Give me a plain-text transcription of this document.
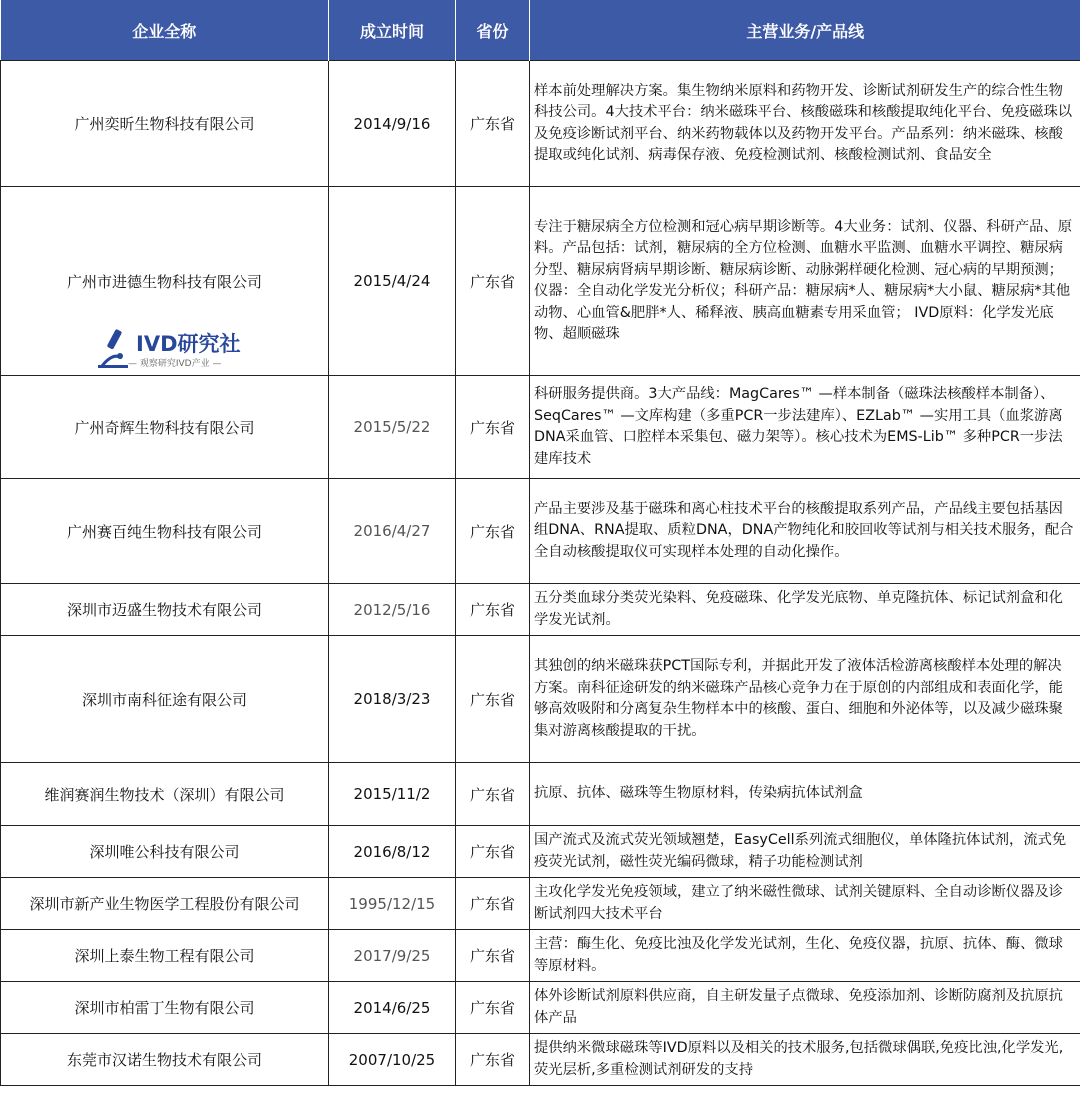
企业全称	成立时间	省份	主营业务/产品线
广州奕昕生物科技有限公司	2014/9/16	广东省	样本前处理解决方案。集生物纳米原料和药物开发、诊断试剂研发生产的综合性生物科技公司。4大技术平台：纳米磁珠平台、核酸磁珠和核酸提取纯化平台、免疫磁珠以及免疫诊断试剂平台、纳米药物载体以及药物开发平台。产品系列：纳米磁珠、核酸提取或纯化试剂、病毒保存液、免疫检测试剂、核酸检测试剂、食品安全
广州市进德生物科技有限公司	2015/4/24	广东省	专注于糖尿病全方位检测和冠心病早期诊断等。4大业务：试剂、仪器、科研产品、原料。产品包括：试剂，糖尿病的全方位检测、血糖水平监测、血糖水平调控、糖尿病分型、糖尿病肾病早期诊断、糖尿病诊断、动脉粥样硬化检测、冠心病的早期预测；仪器：全自动化学发光分析仪；科研产品：糖尿病*人、糖尿病*大小鼠、糖尿病*其他动物、心血管&肥胖*人、稀释液、胰高血糖素专用采血管； IVD原料：化学发光底物、超顺磁珠
广州奇辉生物科技有限公司	2015/5/22	广东省	科研服务提供商。3大产品线：MagCares™ —样本制备（磁珠法核酸样本制备）、SeqCares™ —文库构建（多重PCR一步法建库）、EZLab™ —实用工具（血浆游离DNA采血管、口腔样本采集包、磁力架等）。核心技术为EMS-Lib™ 多种PCR一步法建库技术
广州赛百纯生物科技有限公司	2016/4/27	广东省	产品主要涉及基于磁珠和离心柱技术平台的核酸提取系列产品，产品线主要包括基因组DNA、RNA提取、质粒DNA，DNA产物纯化和胶回收等试剂与相关技术服务，配合全自动核酸提取仪可实现样本处理的自动化操作。
深圳市迈盛生物技术有限公司	2012/5/16	广东省	五分类血球分类荧光染料、免疫磁珠、化学发光底物、单克隆抗体、标记试剂盒和化学发光试剂。
深圳市南科征途有限公司	2018/3/23	广东省	其独创的纳米磁珠获PCT国际专利，并据此开发了液体活检游离核酸样本处理的解决方案。南科征途研发的纳米磁珠产品核心竞争力在于原创的内部组成和表面化学，能够高效吸附和分离复杂生物样本中的核酸、蛋白、细胞和外泌体等，以及减少磁珠聚集对游离核酸提取的干扰。
维润赛润生物技术（深圳）有限公司	2015/11/2	广东省	抗原、抗体、磁珠等生物原材料，传染病抗体试剂盒
深圳唯公科技有限公司	2016/8/12	广东省	国产流式及流式荧光领域翘楚，EasyCell系列流式细胞仪，单体隆抗体试剂，流式免疫荧光试剂，磁性荧光编码微球，精子功能检测试剂
深圳市新产业生物医学工程股份有限公司	1995/12/15	广东省	主攻化学发光免疫领域，建立了纳米磁性微球、试剂关键原料、全自动诊断仪器及诊断试剂四大技术平台
深圳上泰生物工程有限公司	2017/9/25	广东省	主营：酶生化、免疫比浊及化学发光试剂，生化、免疫仪器，抗原、抗体、酶、微球等原材料。
深圳市柏雷丁生物有限公司	2014/6/25	广东省	体外诊断试剂原料供应商，自主研发量子点微球、免疫添加剂、诊断防腐剂及抗原抗体产品
东莞市汉诺生物技术有限公司	2007/10/25	广东省	提供纳米微球磁珠等IVD原料以及相关的技术服务,包括微球偶联,免疫比浊,化学发光,荧光层析,多重检测试剂研发的支持
IVD研究社
— 观察研究IVD产业 —
